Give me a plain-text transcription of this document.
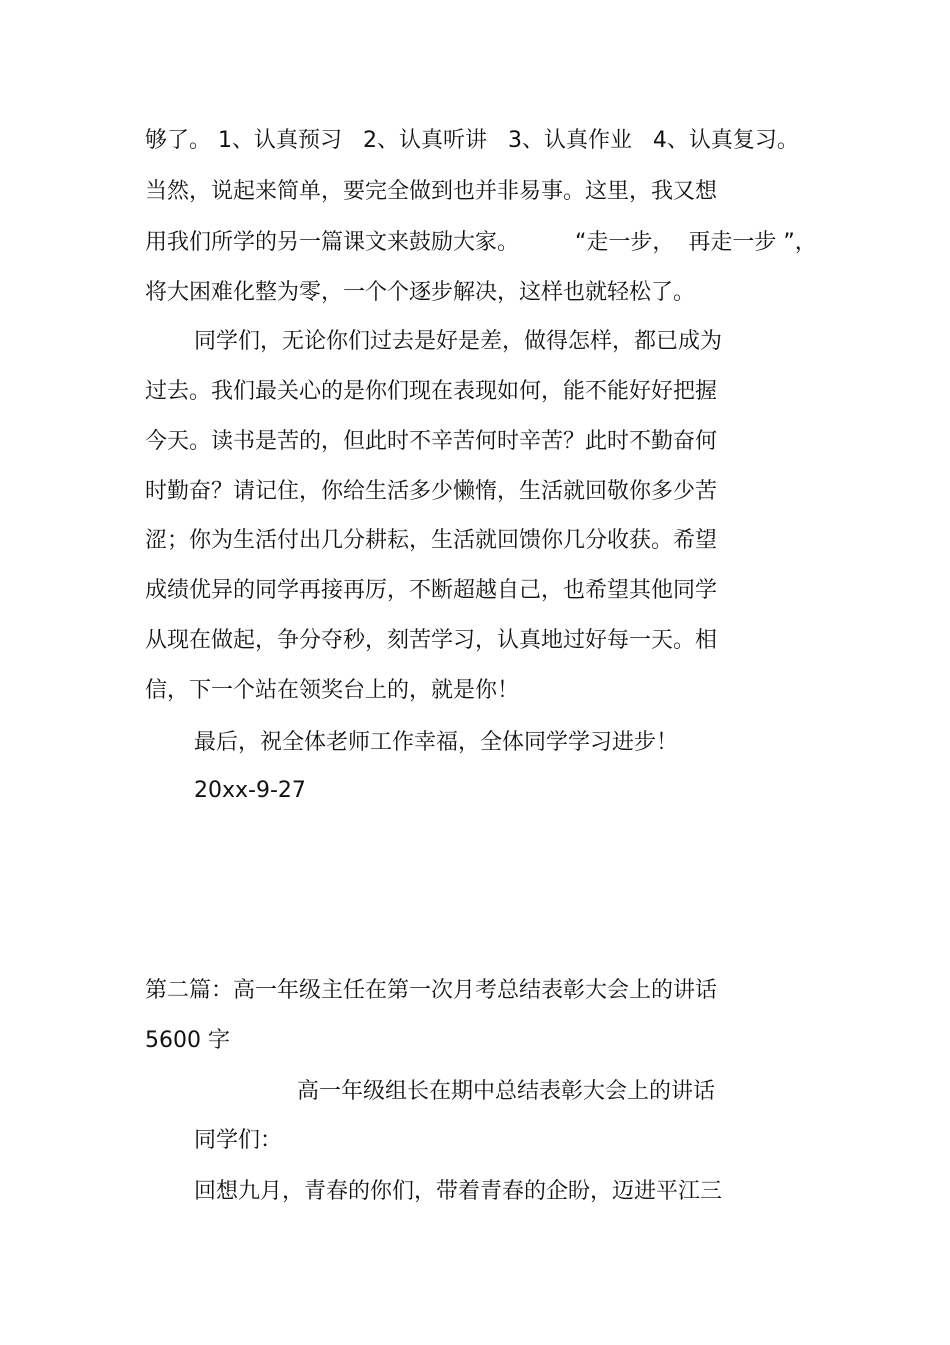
够了。 1、认真预习   2、认真听讲   3、认真作业   4、认真复习。
当然，说起来简单，要完全做到也并非易事。这里，我又想
用我们所学的另一篇课文来鼓励大家。        “走一步，  再走一步 ”，
将大困难化整为零，一个个逐步解决，这样也就轻松了。
同学们，无论你们过去是好是差，做得怎样，都已成为
过去。我们最关心的是你们现在表现如何，能不能好好把握
今天。读书是苦的，但此时不辛苦何时辛苦？此时不勤奋何
时勤奋？请记住，你给生活多少懒惰，生活就回敬你多少苦
涩；你为生活付出几分耕耘，生活就回馈你几分收获。希望
成绩优异的同学再接再厉，不断超越自己，也希望其他同学
从现在做起，争分夺秒，刻苦学习，认真地过好每一天。相
信，下一个站在领奖台上的，就是你！
最后，祝全体老师工作幸福，全体同学学习进步！
20xx-9-27
第二篇：高一年级主任在第一次月考总结表彰大会上的讲话
5600 字
高一年级组长在期中总结表彰大会上的讲话
同学们：
回想九月，青春的你们，带着青春的企盼，迈进平江三
